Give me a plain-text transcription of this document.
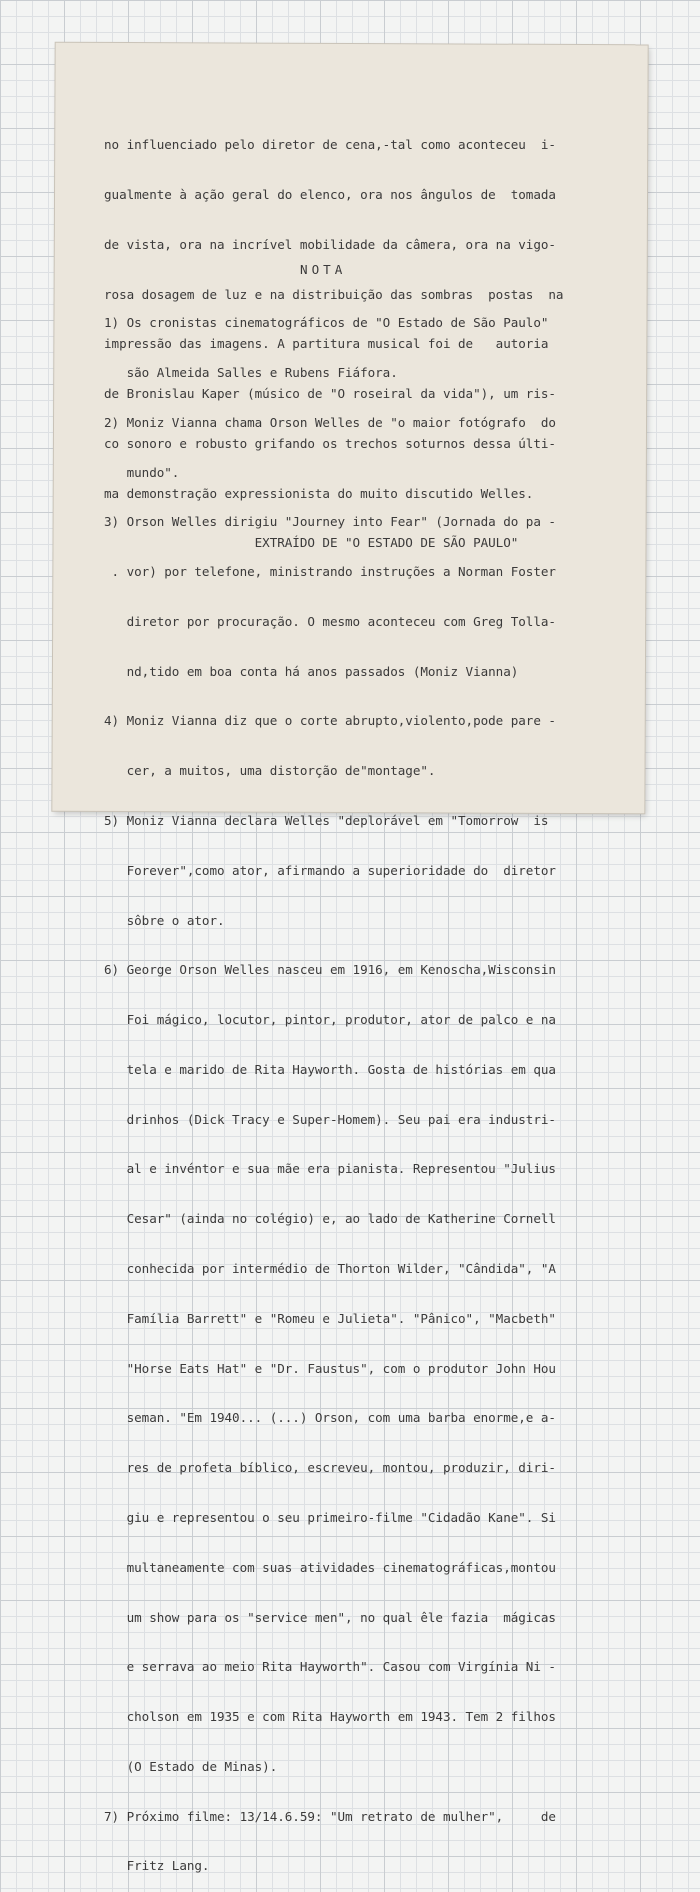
no influenciado pelo diretor de cena,-tal como aconteceu  i-

gualmente à ação geral do elenco, ora nos ângulos de  tomada

de vista, ora na incrível mobilidade da câmera, ora na vigo-

rosa dosagem de luz e na distribuição das sombras  postas  na

impressão das imagens. A partitura musical foi de   autoria

de Bronislau Kaper (músico de "O roseiral da vida"), um ris-

co sonoro e robusto grifando os trechos soturnos dessa últi-

ma demonstração expressionista do muito discutido Welles.

EXTRAÍDO DE "O ESTADO DE SÃO PAULO"

NOTA

1) Os cronistas cinematográficos de "O Estado de São Paulo"

são Almeida Salles e Rubens Fiáfora.

2) Moniz Vianna chama Orson Welles de "o maior fotógrafo  do

mundo".

3) Orson Welles dirigiu "Journey into Fear" (Jornada do pa -

. vor) por telefone, ministrando instruções a Norman Foster

diretor por procuração. O mesmo aconteceu com Greg Tolla-

nd,tido em boa conta há anos passados (Moniz Vianna)

4) Moniz Vianna diz que o corte abrupto,violento,pode pare -

cer, a muitos, uma distorção de"montage".

5) Moniz Vianna declara Welles "deplorável em "Tomorrow  is

Forever",como ator, afirmando a superioridade do  diretor

sôbre o ator.

6) George Orson Welles nasceu em 1916, em Kenoscha,Wisconsin

Foi mágico, locutor, pintor, produtor, ator de palco e na

tela e marido de Rita Hayworth. Gosta de histórias em qua

drinhos (Dick Tracy e Super-Homem). Seu pai era industri-

al e invéntor e sua mãe era pianista. Representou "Julius

Cesar" (ainda no colégio) e, ao lado de Katherine Cornell

conhecida por intermédio de Thorton Wilder, "Cândida", "A

Família Barrett" e "Romeu e Julieta". "Pânico", "Macbeth"

"Horse Eats Hat" e "Dr. Faustus", com o produtor John Hou

seman. "Em 1940... (...) Orson, com uma barba enorme,e a-

res de profeta bíblico, escreveu, montou, produzir, diri-

giu e representou o seu primeiro-filme "Cidadão Kane". Si

multaneamente com suas atividades cinematográficas,montou

um show para os "service men", no qual êle fazia  mágicas

e serrava ao meio Rita Hayworth". Casou com Virgínia Ni -

cholson em 1935 e com Rita Hayworth em 1943. Tem 2 filhos

(O Estado de Minas).

7) Próximo filme: 13/14.6.59: "Um retrato de mulher",     de

Fritz Lang.
